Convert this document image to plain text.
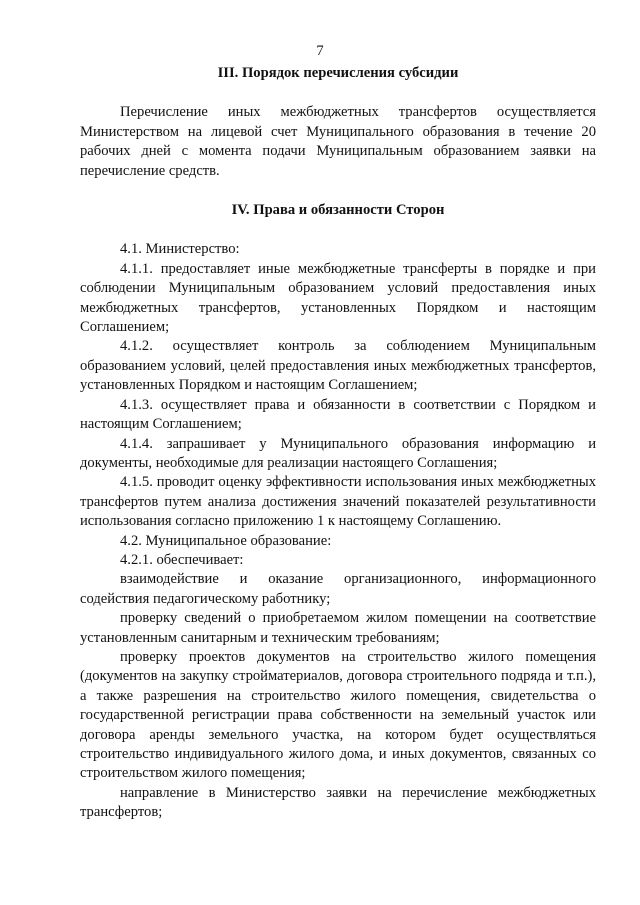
7

III. Порядок перечисления субсидии

Перечисление иных межбюджетных трансфертов осуществляется Министерством на лицевой счет Муниципального образования в течение 20 рабочих дней с момента подачи Муниципальным образованием заявки на перечисление средств.

IV. Права и обязанности Сторон

4.1. Министерство:

4.1.1. предоставляет иные межбюджетные трансферты в порядке и при соблюдении Муниципальным образованием условий предоставления иных межбюджетных трансфертов, установленных Порядком и настоящим Соглашением;

4.1.2. осуществляет контроль за соблюдением Муниципальным образованием условий, целей предоставления иных межбюджетных трансфертов, установленных Порядком и настоящим Соглашением;

4.1.3. осуществляет права и обязанности в соответствии с Порядком и настоящим Соглашением;

4.1.4. запрашивает у Муниципального образования информацию и документы, необходимые для реализации настоящего Соглашения;

4.1.5. проводит оценку эффективности использования иных межбюджетных трансфертов путем анализа достижения значений показателей результативности использования согласно приложению 1 к настоящему Соглашению.

4.2. Муниципальное образование:

4.2.1. обеспечивает:

взаимодействие и оказание организационного, информационного содействия педагогическому работнику;

проверку сведений о приобретаемом жилом помещении на соответствие установленным санитарным и техническим требованиям;

проверку проектов документов на строительство жилого помещения (документов на закупку стройматериалов, договора строительного подряда и т.п.), а также разрешения на строительство жилого помещения, свидетельства о государственной регистрации права собственности на земельный участок или договора аренды земельного участка, на котором будет осуществляться строительство индивидуального жилого дома, и иных документов, связанных со строительством жилого помещения;

направление в Министерство заявки на перечисление межбюджетных трансфертов;
